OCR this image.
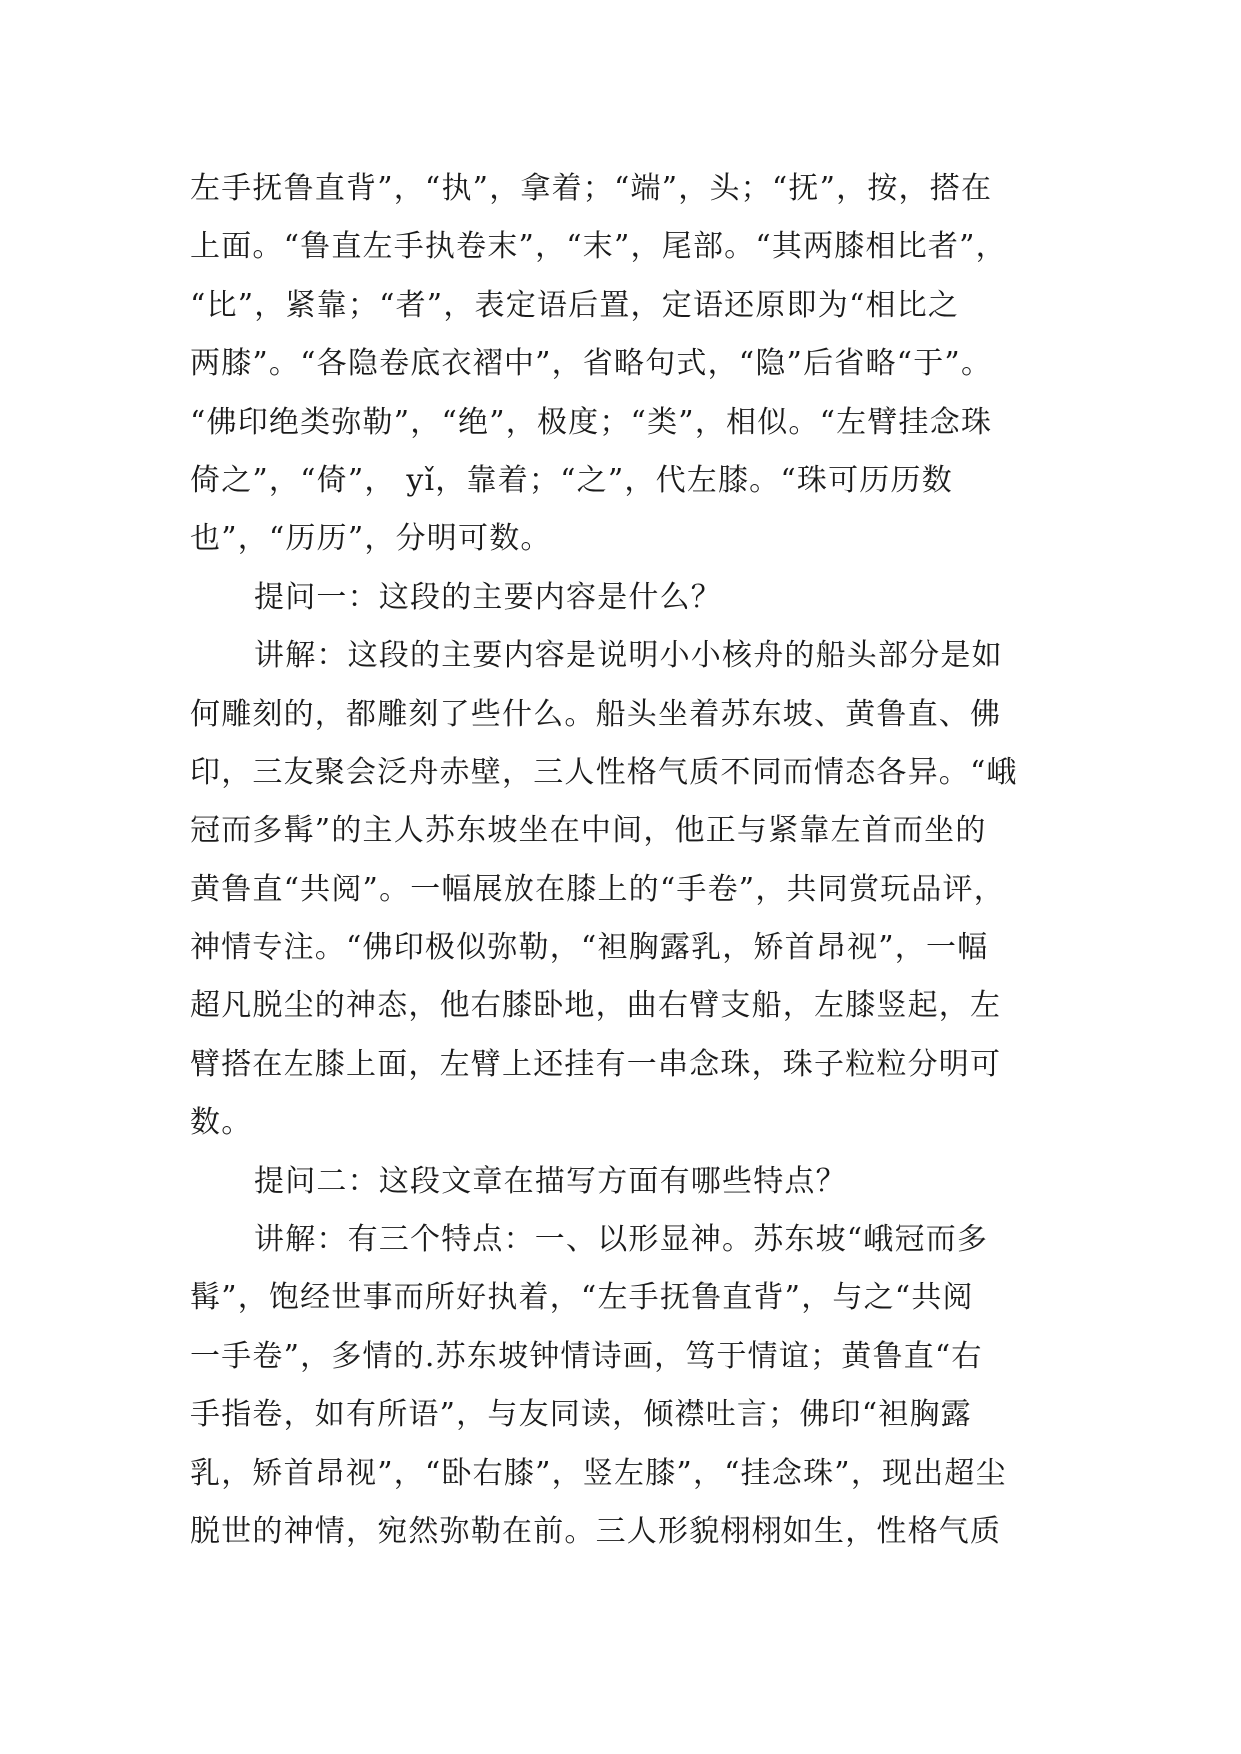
左手抚鲁直背”，“执”，拿着；“端”，头；“抚”，按，搭在
上面。“鲁直左手执卷末”，“末”，尾部。“其两膝相比者”，
“比”，紧靠；“者”，表定语后置，定语还原即为“相比之
两膝”。“各隐卷底衣褶中”，省略句式，“隐”后省略“于”。
“佛印绝类弥勒”，“绝”，极度；“类”，相似。“左臂挂念珠
倚之”，“倚”， yǐ，靠着；“之”，代左膝。“珠可历历数
也”，“历历”，分明可数。
提问一：这段的主要内容是什么？
讲解：这段的主要内容是说明小小核舟的船头部分是如
何雕刻的，都雕刻了些什么。船头坐着苏东坡、黄鲁直、佛
印，三友聚会泛舟赤壁，三人性格气质不同而情态各异。“峨
冠而多髯”的主人苏东坡坐在中间，他正与紧靠左首而坐的
黄鲁直“共阅”。一幅展放在膝上的“手卷”，共同赏玩品评，
神情专注。“佛印极似弥勒，“袒胸露乳，矫首昂视”，一幅
超凡脱尘的神态，他右膝卧地，曲右臂支船，左膝竖起，左
臂搭在左膝上面，左臂上还挂有一串念珠，珠子粒粒分明可
数。
提问二：这段文章在描写方面有哪些特点？
讲解：有三个特点：一、以形显神。苏东坡“峨冠而多
髯”，饱经世事而所好执着，“左手抚鲁直背”，与之“共阅
一手卷”，多情的.苏东坡钟情诗画，笃于情谊；黄鲁直“右
手指卷，如有所语”，与友同读，倾襟吐言；佛印“袒胸露
乳，矫首昂视”，“卧右膝”，竖左膝”，“挂念珠”，现出超尘
脱世的神情，宛然弥勒在前。三人形貌栩栩如生，性格气质
